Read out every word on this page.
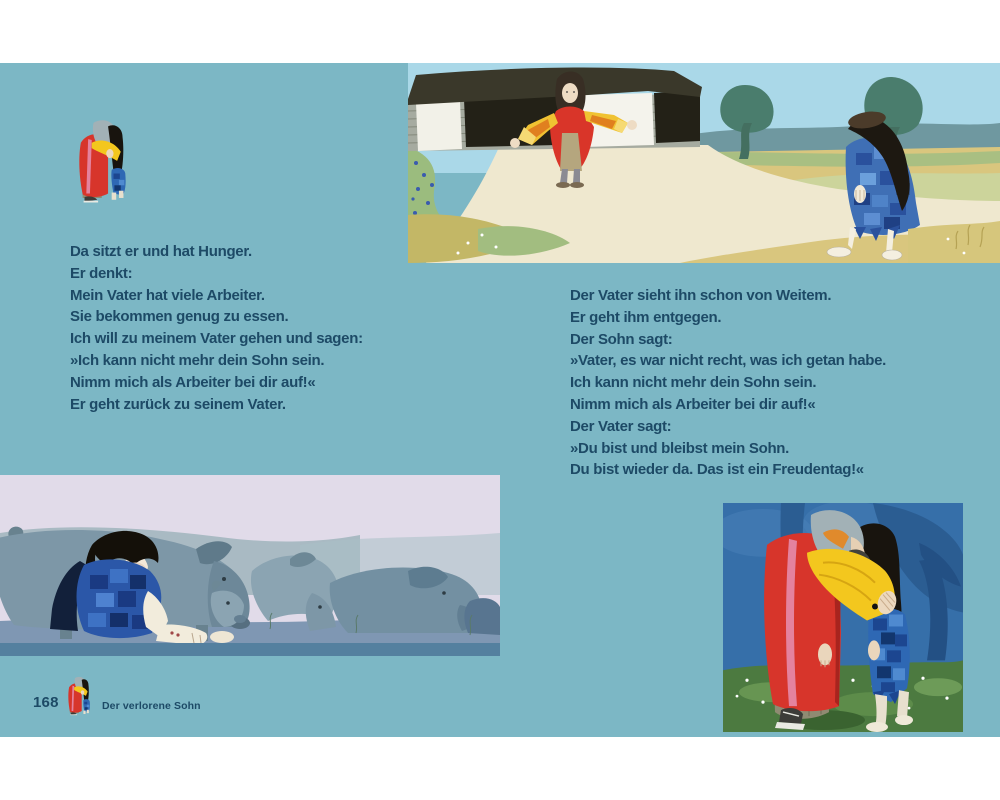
Da sitzt er und hat Hunger.
Er denkt:
Mein Vater hat viele Arbeiter.
Sie bekommen genug zu essen.
Ich will zu meinem Vater gehen und sagen:
»Ich kann nicht mehr dein Sohn sein.
Nimm mich als Arbeiter bei dir auf!«
Er geht zurück zu seinem Vater.
Der Vater sieht ihn schon von Weitem.
Er geht ihm entgegen.
Der Sohn sagt:
»Vater, es war nicht recht, was ich getan habe.
Ich kann nicht mehr dein Sohn sein.
Nimm mich als Arbeiter bei dir auf!«
Der Vater sagt:
»Du bist und bleibst mein Sohn.
Du bist wieder da. Das ist ein Freudentag!«
168	Der verlorene Sohn
